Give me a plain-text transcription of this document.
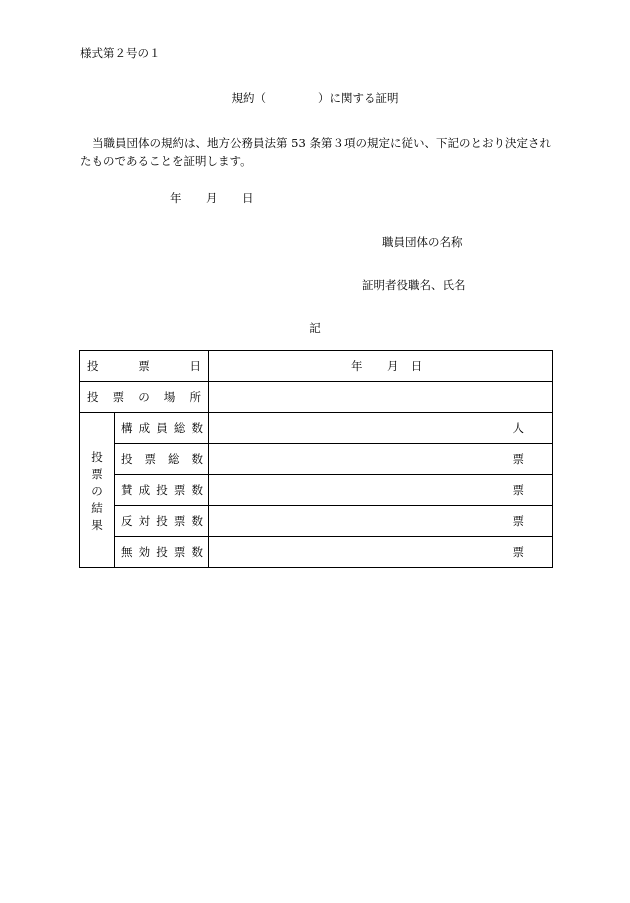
様式第２号の１
規約（	）に関する証明
当職員団体の規約は、地方公務員法第 53 条第３項の規定に従い、下記のとおり決定されたものであることを証明します。
年 月 日
職員団体の名称
証明者役職名、氏名
記
投 票 日		年 月 日

投 票 の 場 所		

投
票
の
結
果	構 成 員 総 数	人

	投 票 総 数	票

	賛 成 投 票 数	票

	反 対 投 票 数	票

	無 効 投 票 数	票
